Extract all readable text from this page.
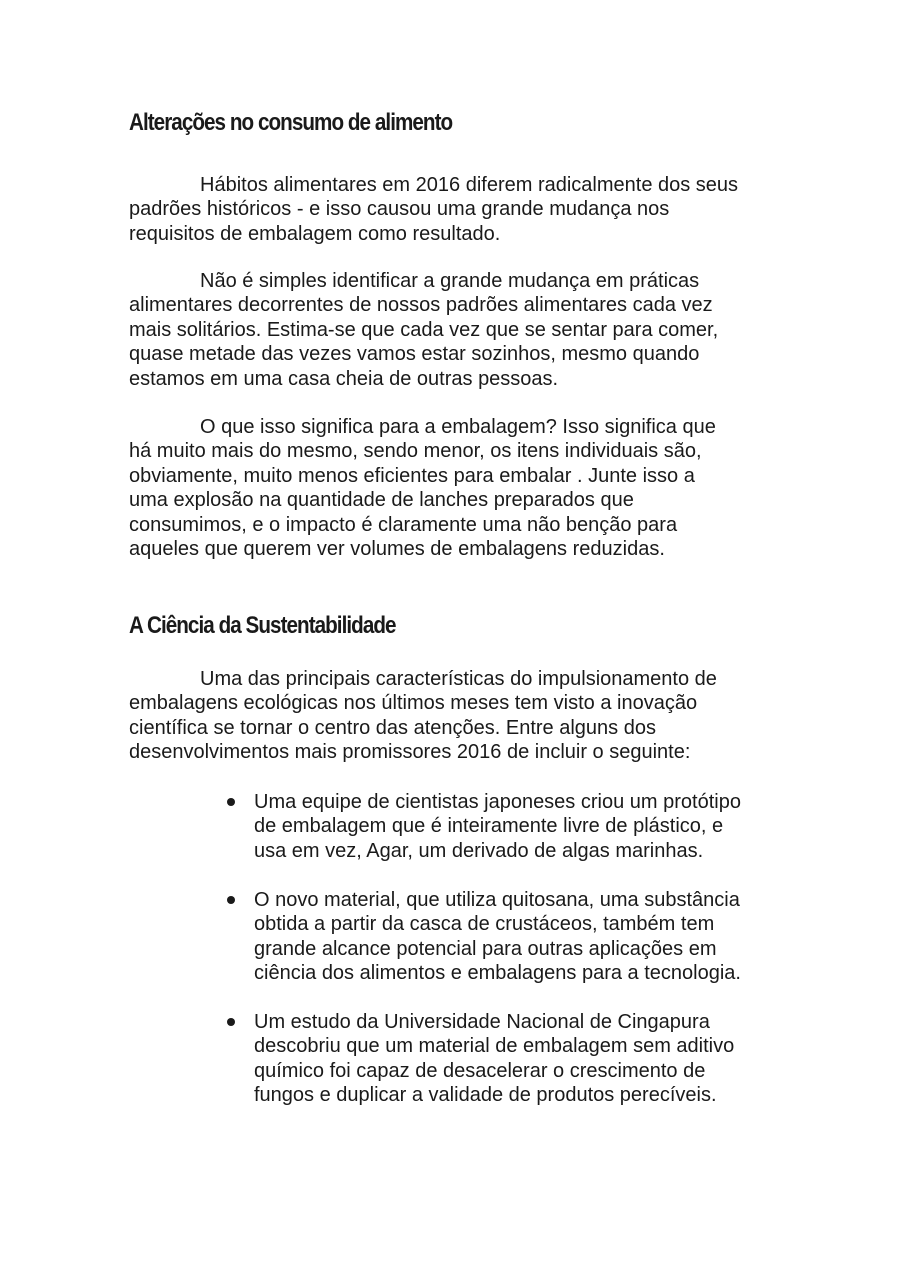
Alterações no consumo de alimento

Hábitos alimentares em 2016 diferem radicalmente dos seus
padrões históricos - e isso causou uma grande mudança nos
requisitos de embalagem como resultado.

Não é simples identificar a grande mudança em práticas
alimentares decorrentes de nossos padrões alimentares cada vez
mais solitários. Estima-se que cada vez que se sentar para comer,
quase metade das vezes vamos estar sozinhos, mesmo quando
estamos em uma casa cheia de outras pessoas.

O que isso significa para a embalagem? Isso significa que
há muito mais do mesmo, sendo menor, os itens individuais são,
obviamente, muito menos eficientes para embalar . Junte isso a
uma explosão na quantidade de lanches preparados que
consumimos, e o impacto é claramente uma não benção para
aqueles que querem ver volumes de embalagens reduzidas.

A Ciência da Sustentabilidade

Uma das principais características do impulsionamento de
embalagens ecológicas nos últimos meses tem visto a inovação
científica se tornar o centro das atenções. Entre alguns dos
desenvolvimentos mais promissores 2016 de incluir o seguinte:

Uma equipe de cientistas japoneses criou um protótipo
de embalagem que é inteiramente livre de plástico, e
usa em vez, Agar, um derivado de algas marinhas.
O novo material, que utiliza quitosana, uma substância
obtida a partir da casca de crustáceos, também tem
grande alcance potencial para outras aplicações em
ciência dos alimentos e embalagens para a tecnologia.
Um estudo da Universidade Nacional de Cingapura
descobriu que um material de embalagem sem aditivo
químico foi capaz de desacelerar o crescimento de
fungos e duplicar a validade de produtos perecíveis.
